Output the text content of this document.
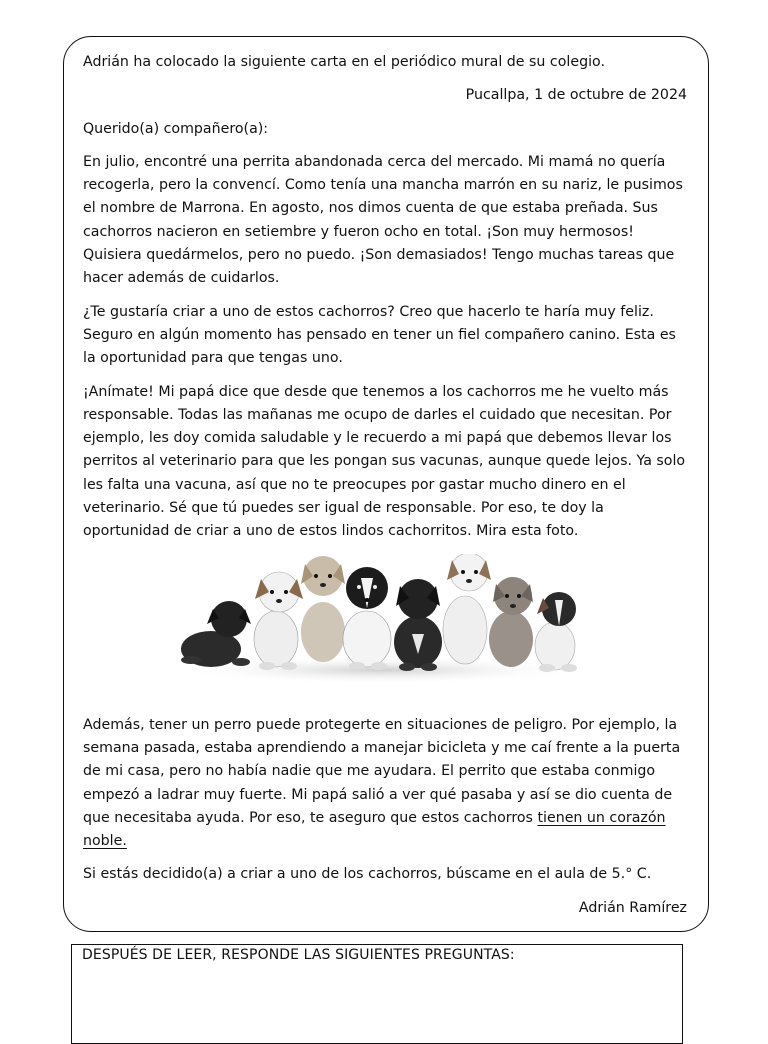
Adrián ha colocado la siguiente carta en el periódico mural de su colegio.

Pucallpa, 1 de octubre de 2024

Querido(a) compañero(a):

En julio, encontré una perrita abandonada cerca del mercado. Mi mamá no quería recogerla, pero la convencí. Como tenía una mancha marrón en su nariz, le pusimos el nombre de Marrona. En agosto, nos dimos cuenta de que estaba preñada. Sus cachorros nacieron en setiembre y fueron ocho en total. ¡Son muy hermosos! Quisiera quedármelos, pero no puedo. ¡Son demasiados! Tengo muchas tareas que hacer además de cuidarlos.

¿Te gustaría criar a uno de estos cachorros? Creo que hacerlo te haría muy feliz. Seguro en algún momento has pensado en tener un fiel compañero canino. Esta es la oportunidad para que tengas uno.

¡Anímate! Mi papá dice que desde que tenemos a los cachorros me he vuelto más responsable. Todas las mañanas me ocupo de darles el cuidado que necesitan. Por ejemplo, les doy comida saludable y le recuerdo a mi papá que debemos llevar los perritos al veterinario para que les pongan sus vacunas, aunque quede lejos. Ya solo les falta una vacuna, así que no te preocupes por gastar mucho dinero en el veterinario. Sé que tú puedes ser igual de responsable. Por eso, te doy la oportunidad de criar a uno de estos lindos cachorritos. Mira esta foto.

Además, tener un perro puede protegerte en situaciones de peligro. Por ejemplo, la semana pasada, estaba aprendiendo a manejar bicicleta y me caí frente a la puerta de mi casa, pero no había nadie que me ayudara. El perrito que estaba conmigo empezó a ladrar muy fuerte. Mi papá salió a ver qué pasaba y así se dio cuenta de que necesitaba ayuda. Por eso, te aseguro que estos cachorros tienen un corazón noble.

Si estás decidido(a) a criar a uno de los cachorros, búscame en el aula de 5.° C.

Adrián Ramírez

DESPUÉS DE LEER, RESPONDE LAS SIGUIENTES PREGUNTAS:
